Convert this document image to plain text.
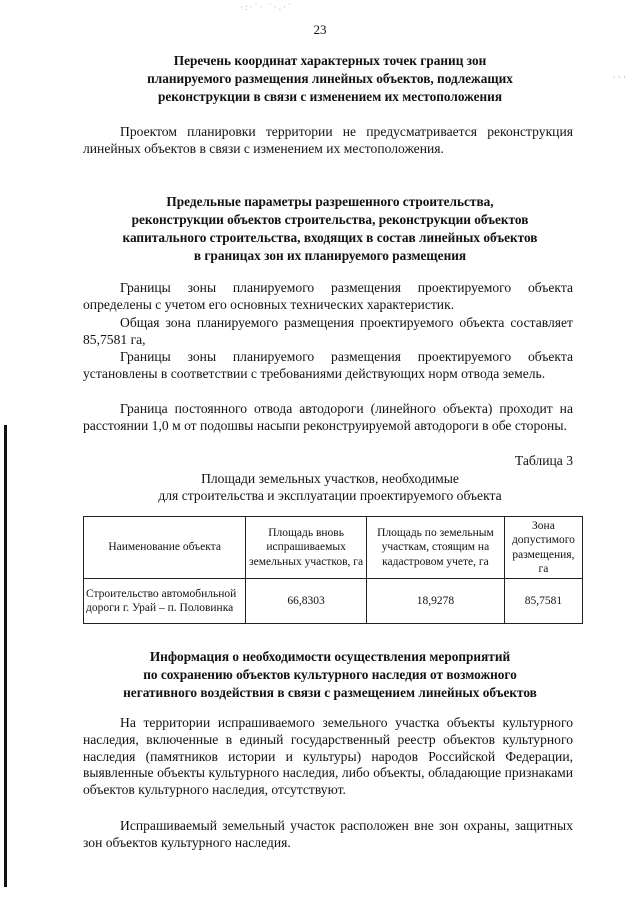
·:·˙· ˙·.·˙
· · ·
23
Перечень координат характерных точек границ зон
планируемого размещения линейных объектов, подлежащих
реконструкции в связи с изменением их местоположения

Проектом планировки территории не предусматривается реконструкция линейных объектов в связи с изменением их местоположения.

Предельные параметры разрешенного строительства,
реконструкции объектов строительства, реконструкции объектов
капитального строительства, входящих в состав линейных объектов
в границах зон их планируемого размещения

Границы зоны планируемого размещения проектируемого объекта определены с учетом его основных технических характеристик.

Общая зона планируемого размещения проектируемого объекта составляет 85,7581 га,

Границы зоны планируемого размещения проектируемого объекта установлены в соответствии с требованиями действующих норм отвода земель.

Граница постоянного отвода автодороги (линейного объекта) проходит на расстоянии 1,0 м от подошвы насыпи реконструируемой автодороги в обе стороны.

Таблица 3
Площади земельных участков, необходимые
для строительства и эксплуатации проектируемого объекта
Наименование объекта	Площадь вновь испрашиваемых земельных участков, га	Площадь по земельным участкам, стоящим на кадастровом учете, га	Зона допустимого размещения, га
Строительство автомобильной дороги г. Урай – п. Половинка	66,8303	18,9278	85,7581
Информация о необходимости осуществления мероприятий
по сохранению объектов культурного наследия от возможного
негативного воздействия в связи с размещением линейных объектов

На территории испрашиваемого земельного участка объекты культурного наследия, включенные в единый государственный реестр объектов культурного наследия (памятников истории и культуры) народов Российской Федерации, выявленные объекты культурного наследия, либо объекты, обладающие признаками объектов культурного наследия, отсутствуют.

Испрашиваемый земельный участок расположен вне зон охраны, защитных зон объектов культурного наследия.
